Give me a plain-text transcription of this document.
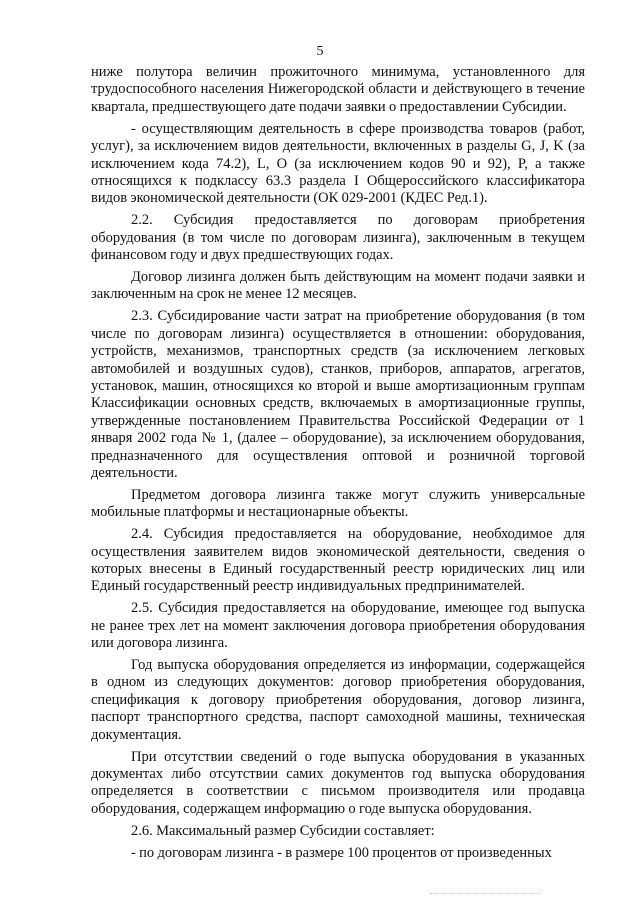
5

ниже полутора величин прожиточного минимума, установленного для трудоспособного населения Нижегородской области и действующего в течение квартала, предшествующего дате подачи заявки о предоставлении Субсидии.

- осуществляющим деятельность в сфере производства товаров (работ, услуг), за исключением видов деятельности, включенных в разделы G, J, K (за исключением кода 74.2), L, O (за исключением кодов 90 и 92), P, а также относящихся к подклассу 63.3 раздела I Общероссийского классификатора видов экономической деятельности (ОК 029-2001 (КДЕС Ред.1).

2.2. Субсидия предоставляется по договорам приобретения оборудования (в том числе по договорам лизинга), заключенным в текущем финансовом году и двух предшествующих годах.

Договор лизинга должен быть действующим на момент подачи заявки и заключенным на срок не менее 12 месяцев.

2.3. Субсидирование части затрат на приобретение оборудования (в том числе по договорам лизинга) осуществляется в отношении: оборудования, устройств, механизмов, транспортных средств (за исключением легковых автомобилей и воздушных судов), станков, приборов, аппаратов, агрегатов, установок, машин, относящихся ко второй и выше амортизационным группам Классификации основных средств, включаемых в амортизационные группы, утвержденные постановлением Правительства Российской Федерации от 1 января 2002 года № 1, (далее – оборудование), за исключением оборудования, предназначенного для осуществления оптовой и розничной торговой деятельности.

Предметом договора лизинга также могут служить универсальные мобильные платформы и нестационарные объекты.

2.4. Субсидия предоставляется на оборудование, необходимое для осуществления заявителем видов экономической деятельности, сведения о которых внесены в Единый государственный реестр юридических лиц или Единый государственный реестр индивидуальных предпринимателей.

2.5. Субсидия предоставляется на оборудование, имеющее год выпуска не ранее трех лет на момент заключения договора приобретения оборудования или договора лизинга.

Год выпуска оборудования определяется из информации, содержащейся в одном из следующих документов: договор приобретения оборудования, спецификация к договору приобретения оборудования, договор лизинга, паспорт транспортного средства, паспорт самоходной машины, техническая документация.

При отсутствии сведений о годе выпуска оборудования в указанных документах либо отсутствии самих документов год выпуска оборудования определяется в соответствии с письмом производителя или продавца оборудования, содержащем информацию о годе выпуска оборудования.

2.6. Максимальный размер Субсидии составляет:

- по договорам лизинга - в размере 100 процентов от произведенных
